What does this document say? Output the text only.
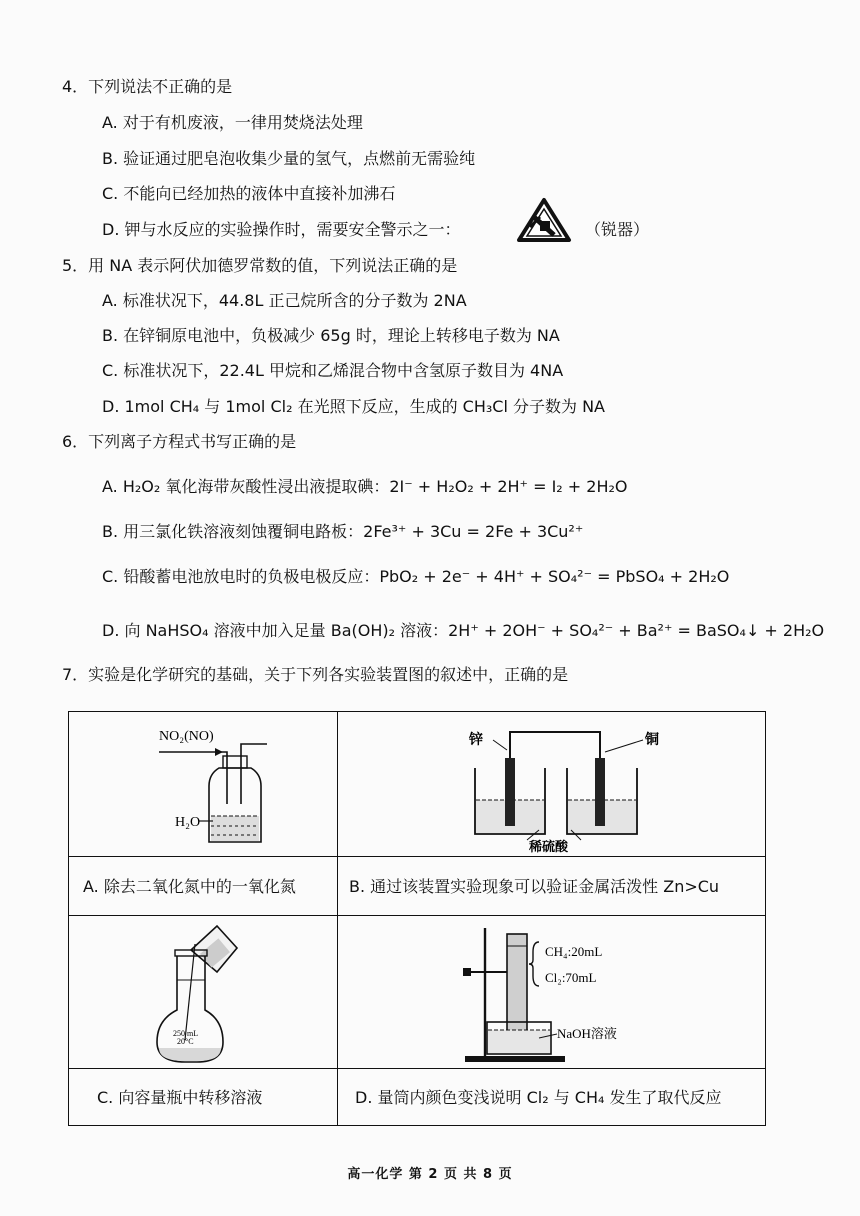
4．下列说法不正确的是
A. 对于有机废液，一律用焚烧法处理
B. 验证通过肥皂泡收集少量的氢气，点燃前无需验纯
C. 不能向已经加热的液体中直接补加沸石
D. 钾与水反应的实验操作时，需要安全警示之一：	（锐器）
5．用 NA 表示阿伏加德罗常数的值，下列说法正确的是
A. 标准状况下，44.8L 正己烷所含的分子数为 2NA
B. 在锌铜原电池中，负极减少 65g 时，理论上转移电子数为 NA
C. 标准状况下，22.4L 甲烷和乙烯混合物中含氢原子数目为 4NA
D. 1mol CH₄ 与 1mol Cl₂ 在光照下反应，生成的 CH₃Cl 分子数为 NA
6．下列离子方程式书写正确的是
A. H₂O₂ 氧化海带灰酸性浸出液提取碘：2I⁻ + H₂O₂ + 2H⁺ = I₂ + 2H₂O
B. 用三氯化铁溶液刻蚀覆铜电路板：2Fe³⁺ + 3Cu = 2Fe + 3Cu²⁺
C. 铅酸蓄电池放电时的负极电极反应：PbO₂ + 2e⁻ + 4H⁺ + SO₄²⁻ = PbSO₄ + 2H₂O
D. 向 NaHSO₄ 溶液中加入足量 Ba(OH)₂ 溶液：2H⁺ + 2OH⁻ + SO₄²⁻ + Ba²⁺ = BaSO₄↓ + 2H₂O
7．实验是化学研究的基础，关于下列各实验装置图的叙述中，正确的是
NO₂(NO)
H₂O
锌	铜
稀硫酸
A. 除去二氧化氮中的一氧化氮	B. 通过该装置实验现象可以验证金属活泼性 Zn>Cu
250 mL
20°C
CH₄:20mL
Cl₂:70mL
NaOH溶液
C. 向容量瓶中转移溶液	D. 量筒内颜色变浅说明 Cl₂ 与 CH₄ 发生了取代反应
高一化学 第 2 页 共 8 页
